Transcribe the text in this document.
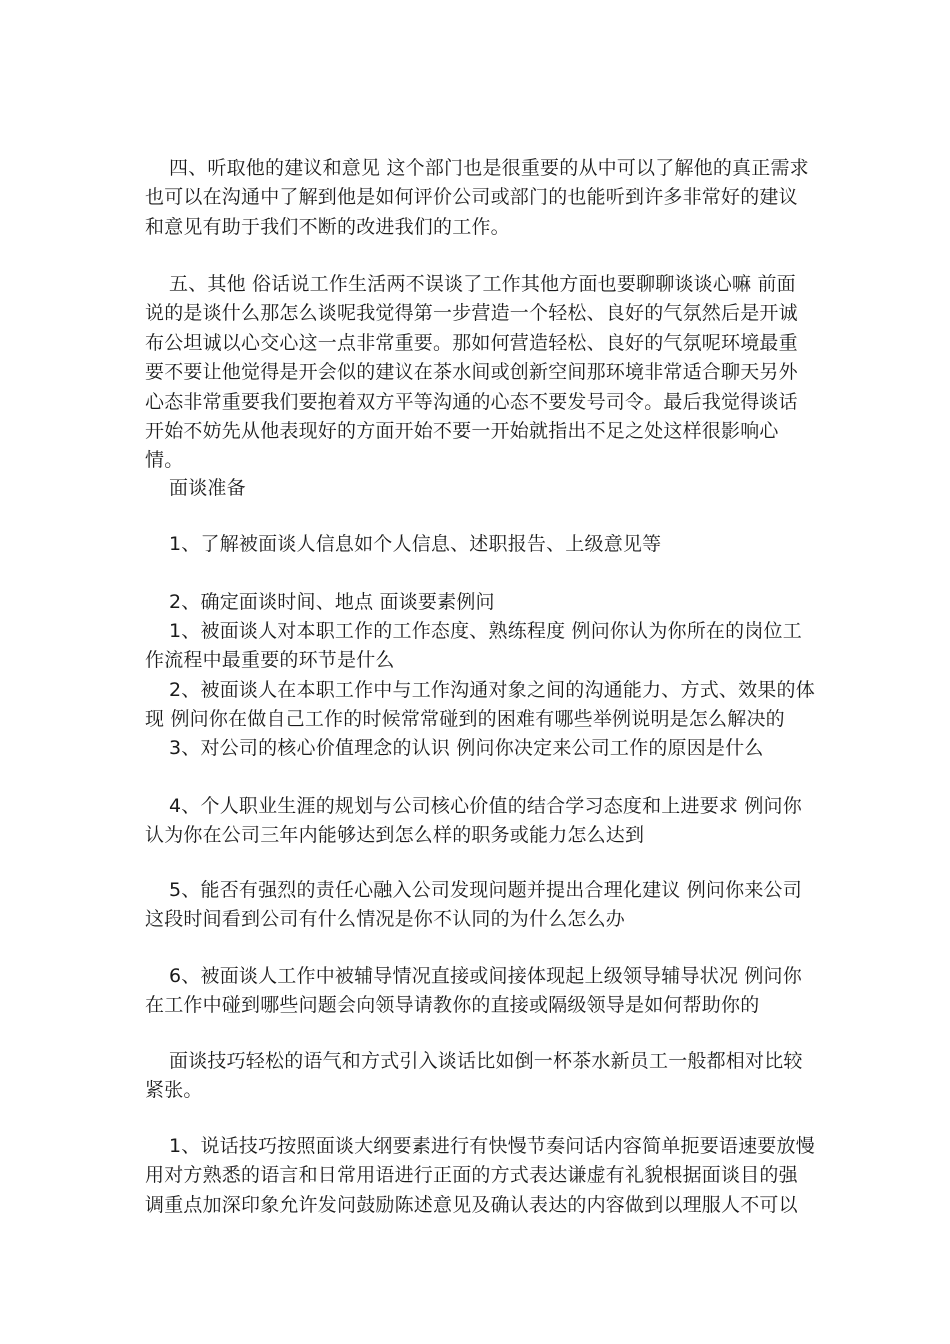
四、听取他的建议和意见 这个部门也是很重要的从中可以了解他的真正需求也可以在沟通中了解到他是如何评价公司或部门的也能听到许多非常好的建议和意见有助于我们不断的改进我们的工作。

五、其他 俗话说工作生活两不误谈了工作其他方面也要聊聊谈谈心嘛 前面说的是谈什么那怎么谈呢我觉得第一步营造一个轻松、良好的气氛然后是开诚布公坦诚以心交心这一点非常重要。那如何营造轻松、良好的气氛呢环境最重要不要让他觉得是开会似的建议在茶水间或创新空间那环境非常适合聊天另外心态非常重要我们要抱着双方平等沟通的心态不要发号司令。最后我觉得谈话开始不妨先从他表现好的方面开始不要一开始就指出不足之处这样很影响心情。

面谈准备

1、了解被面谈人信息如个人信息、述职报告、上级意见等

2、确定面谈时间、地点 面谈要素例问

1、被面谈人对本职工作的工作态度、熟练程度 例问你认为你所在的岗位工作流程中最重要的环节是什么

2、被面谈人在本职工作中与工作沟通对象之间的沟通能力、方式、效果的体现 例问你在做自己工作的时候常常碰到的困难有哪些举例说明是怎么解决的

3、对公司的核心价值理念的认识 例问你决定来公司工作的原因是什么

4、个人职业生涯的规划与公司核心价值的结合学习态度和上进要求 例问你认为你在公司三年内能够达到怎么样的职务或能力怎么达到

5、能否有强烈的责任心融入公司发现问题并提出合理化建议 例问你来公司这段时间看到公司有什么情况是你不认同的为什么怎么办

6、被面谈人工作中被辅导情况直接或间接体现起上级领导辅导状况 例问你在工作中碰到哪些问题会向领导请教你的直接或隔级领导是如何帮助你的

面谈技巧轻松的语气和方式引入谈话比如倒一杯茶水新员工一般都相对比较紧张。

1、说话技巧按照面谈大纲要素进行有快慢节奏问话内容简单扼要语速要放慢用对方熟悉的语言和日常用语进行正面的方式表达谦虚有礼貌根据面谈目的强调重点加深印象允许发问鼓励陈述意见及确认表达的内容做到以理服人不可以
